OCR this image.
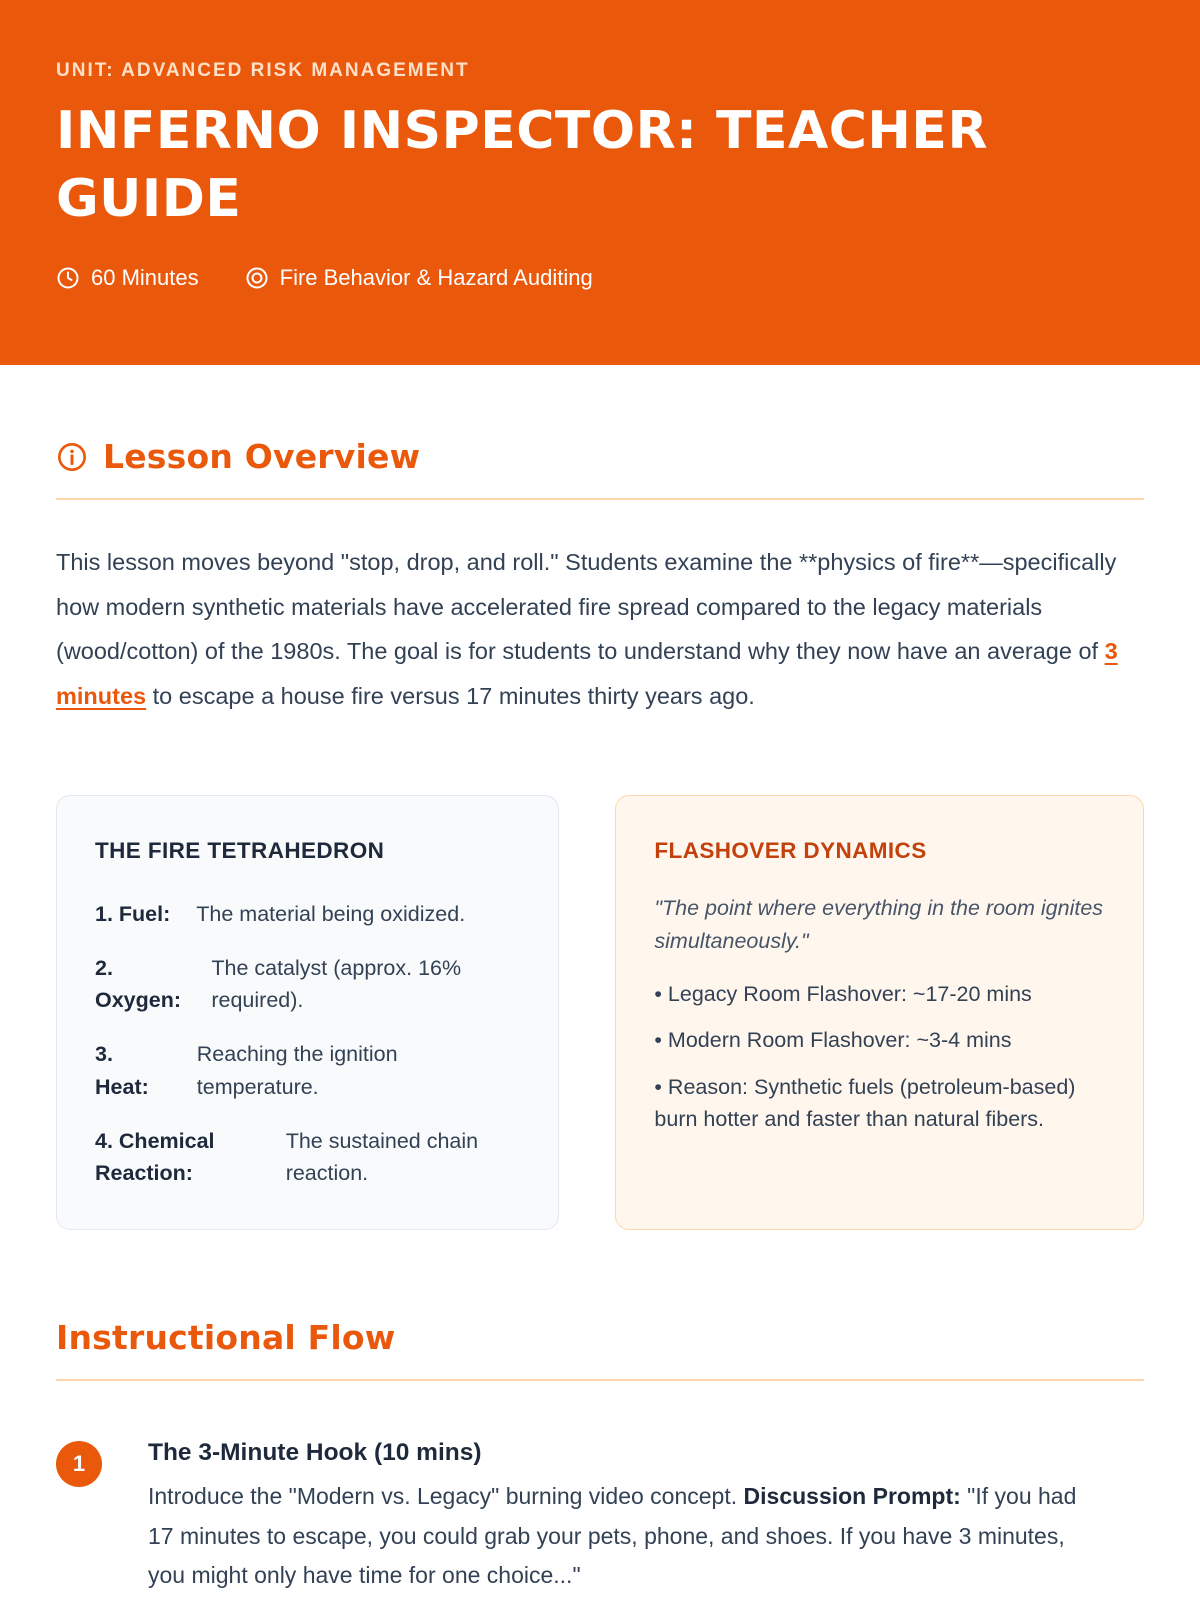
UNIT: ADVANCED RISK MANAGEMENT
INFERNO INSPECTOR: TEACHER GUIDE
60 Minutes	Fire Behavior & Hazard Auditing
Lesson Overview

This lesson moves beyond "stop, drop, and roll." Students examine the **physics of fire**—specifically how modern synthetic materials have accelerated fire spread compared to the legacy materials (wood/cotton) of the 1980s. The goal is for students to understand why they now have an average of 3 minutes to escape a house fire versus 17 minutes thirty years ago.

THE FIRE TETRAHEDRON
1. Fuel: The material being oxidized.
2. Oxygen:
The catalyst (approx. 16% required).
3. Heat:
Reaching the ignition temperature.
4. Chemical Reaction:
The sustained chain reaction.
FLASHOVER DYNAMICS

"The point where everything in the room ignites simultaneously."

• Legacy Room Flashover: ~17-20 mins
• Modern Room Flashover: ~3-4 mins
• Reason: Synthetic fuels (petroleum-based) burn hotter and faster than natural fibers.
Instructional Flow
1	The 3-Minute Hook (10 mins)

Introduce the "Modern vs. Legacy" burning video concept. Discussion Prompt: "If you had 17 minutes to escape, you could grab your pets, phone, and shoes. If you have 3 minutes, you might only have time for one choice..."
